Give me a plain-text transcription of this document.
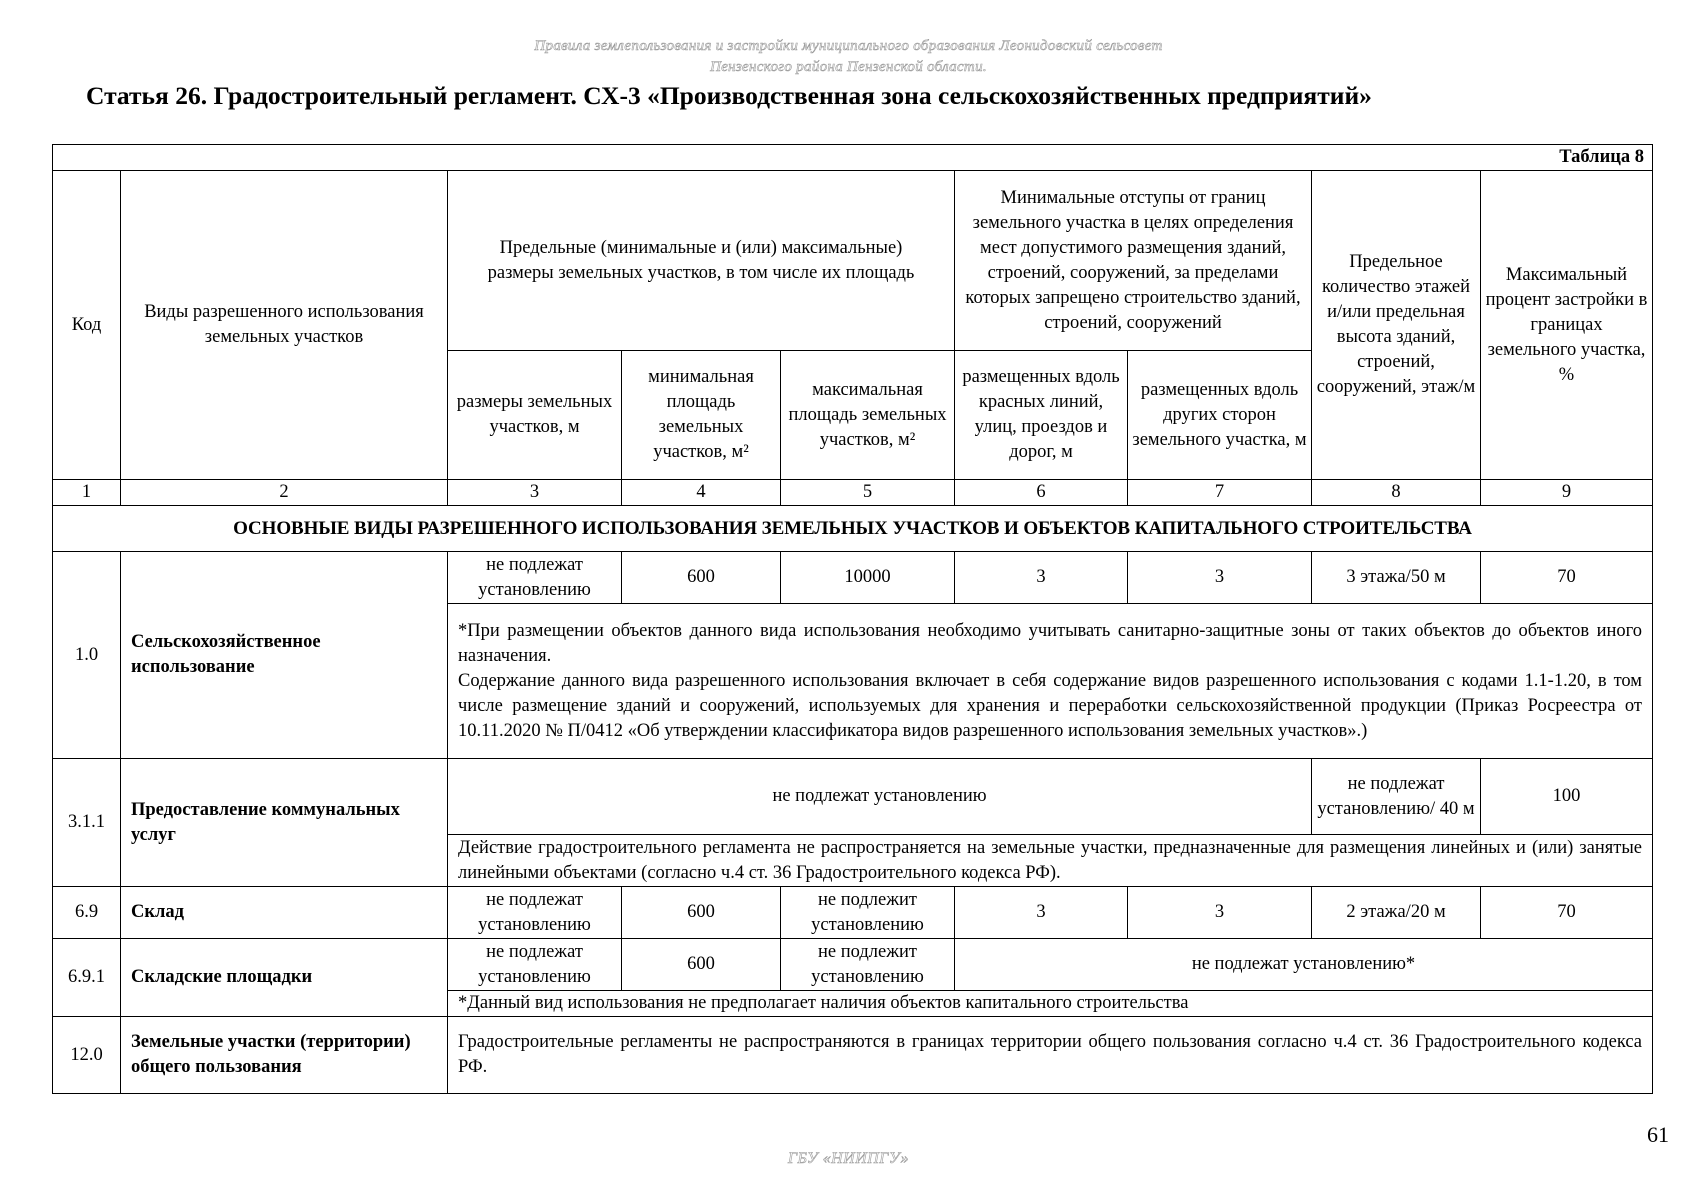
Правила землепользования и застройки муниципального образования Леонидовский сельсовет
Пензенского района Пензенской области.
Статья 26. Градостроительный регламент. СХ-3 «Производственная зона сельскохозяйственных предприятий»
Таблица 8								
Код	Виды разрешенного использования земельных участков	Предельные (минимальные и (или) максимальные) размеры земельных участков, в том числе их площадь			Минимальные отступы от границ земельного участка в целях определения мест допустимого размещения зданий, строений, сооружений, за пределами которых запрещено строительство зданий, строений, сооружений		Предельное количество этажей и/или предельная высота зданий, строений, сооружений, этаж/м	Максимальный процент застройки в границах земельного участка, %
		размеры земельных участков, м	минимальная площадь земельных участков, м²	максимальная площадь земельных участков, м²	размещенных вдоль красных линий, улиц, проездов и дорог, м	размещенных вдоль других сторон земельного участка, м		
1	2	3	4	5	6	7	8	9
ОСНОВНЫЕ ВИДЫ РАЗРЕШЕННОГО ИСПОЛЬЗОВАНИЯ ЗЕМЕЛЬНЫХ УЧАСТКОВ И ОБЪЕКТОВ КАПИТАЛЬНОГО СТРОИТЕЛЬСТВА								
1.0	Сельскохозяйственное использование	не подлежат установлению	600	10000	3	3	3 этажа/50 м	70

		*При размещении объектов данного вида использования необходимо учитывать санитарно-защитные зоны от таких объектов до объектов иного назначения.
Содержание данного вида разрешенного использования включает в себя содержание видов разрешенного использования с кодами 1.1-1.20, в том числе размещение зданий и сооружений, используемых для хранения и переработки сельскохозяйственной продукции (Приказ Росреестра от 10.11.2020 № П/0412 «Об утверждении классификатора видов разрешенного использования земельных участков».)						

3.1.1	Предоставление коммунальных услуг	не подлежат установлению					не подлежат установлению/ 40 м	100
		Действие градостроительного регламента не распространяется на земельные участки, предназначенные для размещения линейных и (или) занятые линейными объектами (согласно ч.4 ст. 36 Градостроительного кодекса РФ).						
6.9	Склад	не подлежат установлению	600	не подлежит установлению	3	3	2 этажа/20 м	70
6.9.1	Складские площадки	не подлежат установлению	600	не подлежит установлению	не подлежат установлению*			
		*Данный вид использования не предполагает наличия объектов капитального строительства						
12.0	Земельные участки (территории) общего пользования	Градостроительные регламенты не распространяются в границах территории общего пользования согласно ч.4 ст. 36 Градостроительного кодекса РФ.						
61
ГБУ «НИИПГУ»
